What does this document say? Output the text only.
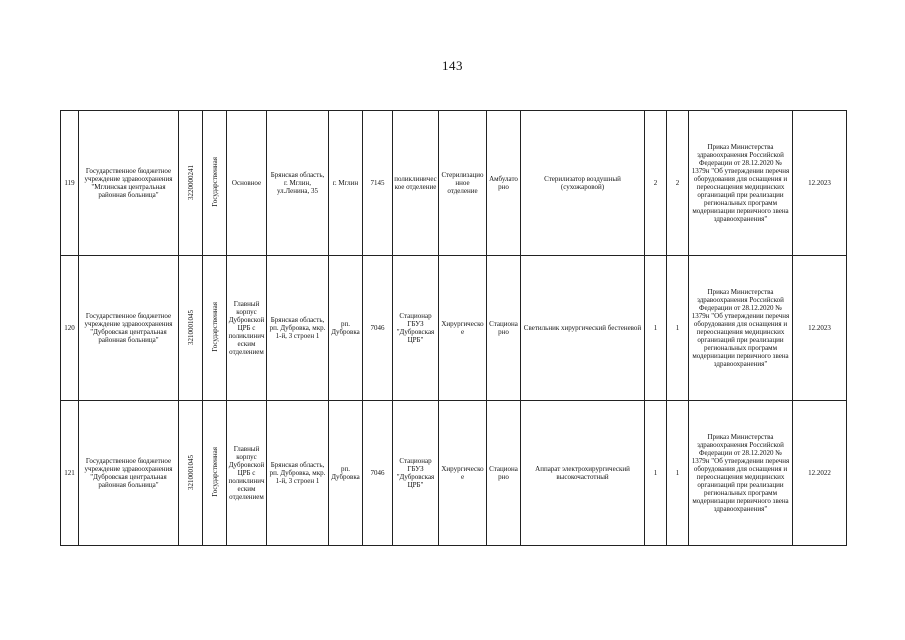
143
119	Государственное бюджетное учреждение здравоохранения "Мглинская центральная районная больница"	3220000241	Государственная	Основное	Брянская область, г. Мглин, ул.Ленина, 35	г. Мглин	7145	поликлиническое отделение	Стерилизационное отделение	Амбулаторно	Стерилизатор воздушный (сухожаровой)	2	2	Приказ Министерства здравоохранения Российской Федерации от 28.12.2020 № 1379н "Об утверждении перечня оборудования для оснащения и переоснащения медицинских организаций при реализации региональных программ модернизации первичного звена здравоохранения"	12.2023
120	Государственное бюджетное учреждение здравоохранения "Дубровская центральная районная больница"	3210001045	Государственная	Главный корпус Дубровской ЦРБ с поликлиническим отделением	Брянская область, рп. Дубровка, мкр. 1-й, 3 строен 1	рп. Дубровка	7046	Стационар ГБУЗ "Дубровская ЦРБ"	Хирургическое	Стационарно	Светильник хирургический бестеневой	1	1	Приказ Министерства здравоохранения Российской Федерации от 28.12.2020 № 1379н "Об утверждении перечня оборудования для оснащения и переоснащения медицинских организаций при реализации региональных программ модернизации первичного звена здравоохранения"	12.2023
121	Государственное бюджетное учреждение здравоохранения "Дубровская центральная районная больница"	3210001045	Государственная	Главный корпус Дубровской ЦРБ с поликлиническим отделением	Брянская область, рп. Дубровка, мкр. 1-й, 3 строен 1	рп. Дубровка	7046	Стационар ГБУЗ "Дубровская ЦРБ"	Хирургическое	Стационарно	Аппарат электрохирургический высокочастотный	1	1	Приказ Министерства здравоохранения Российской Федерации от 28.12.2020 № 1379н "Об утверждении перечня оборудования для оснащения и переоснащения медицинских организаций при реализации региональных программ модернизации первичного звена здравоохранения"	12.2022
